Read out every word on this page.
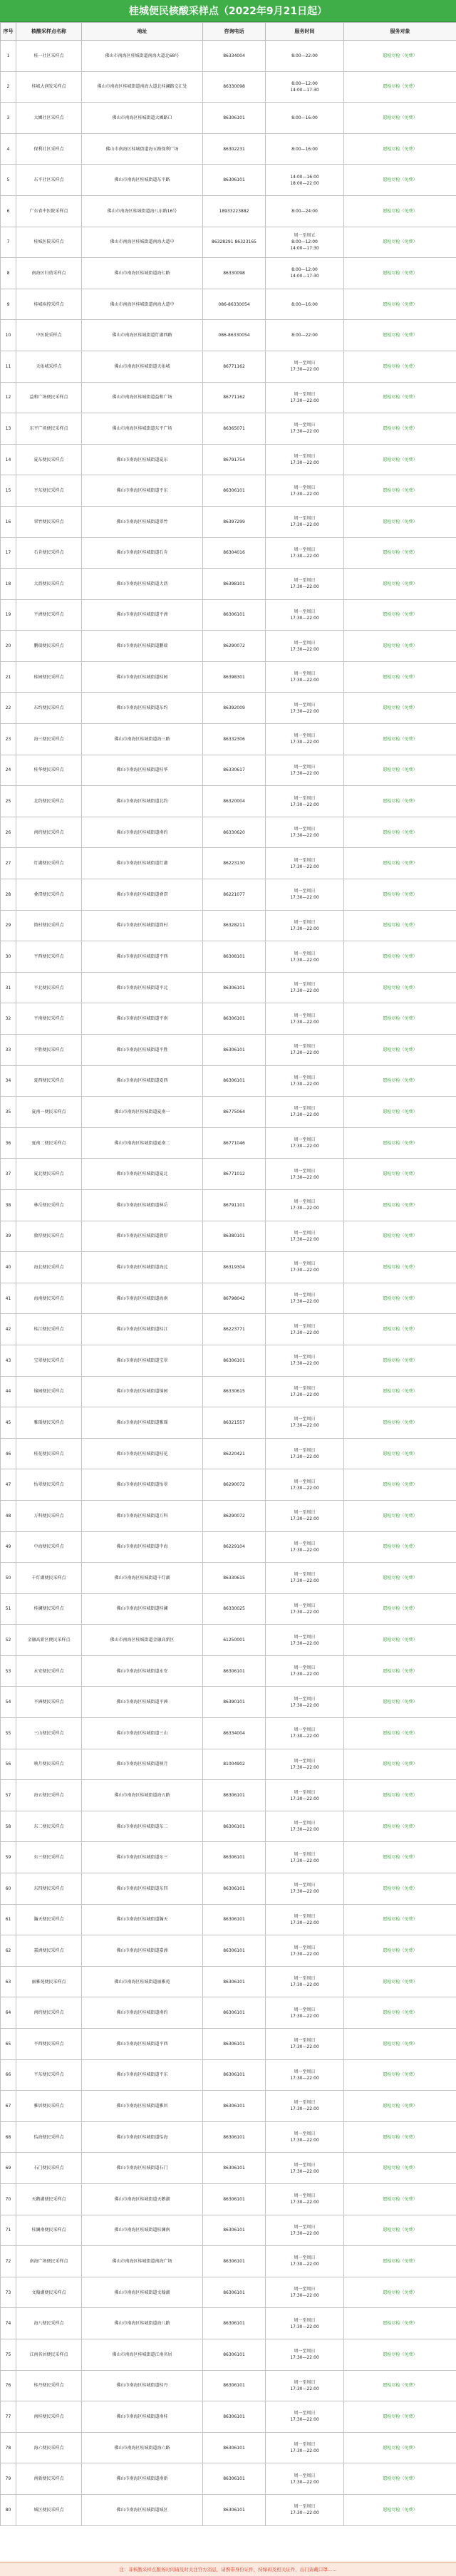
桂城便民核酸采样点（2022年9月21日起）
序号	核酸采样点名称	地址	咨询电话	服务时间	服务对象
1	桂一社区采样点	佛山市南海区桂城街道南海大道北68号	86334004	8:00—22:00	愿检尽检（免费）
2	桂城大润发采样点	佛山市南海区桂城街道南海大道北桂澜路交汇处	86330098	8:00—12:00
14:00—17:30	愿检尽检（免费）
3	大圃社区采样点	佛山市南海区桂城街道大圃路口	86306101	8:00—16:00	愿检尽检（免费）
4	保利社区采样点	佛山市南海区桂城街道海五路保利广场	86302231	8:00—16:00	愿检尽检（免费）
5	东平社区采样点	佛山市南海区桂城街道东平路	86306101	14:00—16:00
18:00—22:00	愿检尽检（免费）
6	广东省中医院采样点	佛山市南海区桂城街道海八东路16号	18933223882	8:00—24:00	愿检尽检（免费）
7	桂城医院采样点	佛山市南海区桂城街道南海大道中	86328291 86323165	周一至周五
8:00—12:00
14:00—17:30	愿检尽检（免费）
8	南海区妇幼采样点	佛山市南海区桂城街道海七路	86330098	8:00—12:00
14:00—17:30	愿检尽检（免费）
9	桂城疾控采样点	佛山市南海区桂城街道南海大道中	086-86330054	8:00—16:00	愿检尽检（免费）
10	中医院采样点	佛山市南海区桂城街道灯湖西路	086-86330054	8:00—22:00	愿检尽检（免费）
11	天佑城采样点	佛山市南海区桂城街道天佑城	86771162	周一至周日
17:30—22:00	愿检尽检（免费）
12	益和广场便民采样点	佛山市南海区桂城街道益和广场	86771162	周一至周日
17:30—22:00	愿检尽检（免费）
13	东平广场便民采样点	佛山市南海区桂城街道东平广场	86365071	周一至周日
17:30—22:00	愿检尽检（免费）
14	夏东便民采样点	佛山市南海区桂城街道夏东	86791754	周一至周日
17:30—22:00	愿检尽检（免费）
15	平东便民采样点	佛山市南海区桂城街道平东	86306101	周一至周日
17:30—22:00	愿检尽检（免费）
16	翠竹便民采样点	佛山市南海区桂城街道翠竹	86397299	周一至周日
17:30—22:00	愿检尽检（免费）
17	石肯便民采样点	佛山市南海区桂城街道石肯	86304016	周一至周日
17:30—22:00	愿检尽检（免费）
18	大沥便民采样点	佛山市南海区桂城街道大沥	86398101	周一至周日
17:30—22:00	愿检尽检（免费）
19	平洲便民采样点	佛山市南海区桂城街道平洲	86306101	周一至周日
17:30—22:00	愿检尽检（免费）
20	鹏瑞便民采样点	佛山市南海区桂城街道鹏瑞	86290072	周一至周日
17:30—22:00	愿检尽检（免费）
21	桂园便民采样点	佛山市南海区桂城街道桂园	86398301	周一至周日
17:30—22:00	愿检尽检（免费）
22	东约便民采样点	佛山市南海区桂城街道东约	86392009	周一至周日
17:30—22:00	愿检尽检（免费）
23	海三便民采样点	佛山市南海区桂城街道海三路	86332306	周一至周日
17:30—22:00	愿检尽检（免费）
24	桂华便民采样点	佛山市南海区桂城街道桂华	86330617	周一至周日
17:30—22:00	愿检尽检（免费）
25	北约便民采样点	佛山市南海区桂城街道北约	86320004	周一至周日
17:30—22:00	愿检尽检（免费）
26	南约便民采样点	佛山市南海区桂城街道南约	86330620	周一至周日
17:30—22:00	愿检尽检（免费）
27	灯湖便民采样点	佛山市南海区桂城街道灯湖	86223130	周一至周日
17:30—22:00	愿检尽检（免费）
28	叠滘便民采样点	佛山市南海区桂城街道叠滘	86221077	周一至周日
17:30—22:00	愿检尽检（免费）
29	简村便民采样点	佛山市南海区桂城街道简村	86328211	周一至周日
17:30—22:00	愿检尽检（免费）
30	平西便民采样点	佛山市南海区桂城街道平西	86308101	周一至周日
17:30—22:00	愿检尽检（免费）
31	平北便民采样点	佛山市南海区桂城街道平北	86306101	周一至周日
17:30—22:00	愿检尽检（免费）
32	平南便民采样点	佛山市南海区桂城街道平南	86306101	周一至周日
17:30—22:00	愿检尽检（免费）
33	平胜便民采样点	佛山市南海区桂城街道平胜	86306101	周一至周日
17:30—22:00	愿检尽检（免费）
34	夏西便民采样点	佛山市南海区桂城街道夏西	86306101	周一至周日
17:30—22:00	愿检尽检（免费）
35	夏南一便民采样点	佛山市南海区桂城街道夏南一	86775064	周一至周日
17:30—22:00	愿检尽检（免费）
36	夏南二便民采样点	佛山市南海区桂城街道夏南二	86771046	周一至周日
17:30—22:00	愿检尽检（免费）
37	夏北便民采样点	佛山市南海区桂城街道夏北	86771012	周一至周日
17:30—22:00	愿检尽检（免费）
38	林岳便民采样点	佛山市南海区桂城街道林岳	86791101	周一至周日
17:30—22:00	愿检尽检（免费）
39	敦厚便民采样点	佛山市南海区桂城街道敦厚	86380101	周一至周日
17:30—22:00	愿检尽检（免费）
40	海北便民采样点	佛山市南海区桂城街道海北	86319304	周一至周日
17:30—22:00	愿检尽检（免费）
41	海南便民采样点	佛山市南海区桂城街道海南	86798042	周一至周日
17:30—22:00	愿检尽检（免费）
42	桂江便民采样点	佛山市南海区桂城街道桂江	86223771	周一至周日
17:30—22:00	愿检尽检（免费）
43	宝翠便民采样点	佛山市南海区桂城街道宝翠	86306101	周一至周日
17:30—22:00	愿检尽检（免费）
44	锦园便民采样点	佛山市南海区桂城街道锦园	86330615	周一至周日
17:30—22:00	愿检尽检（免费）
45	雅瑶便民采样点	佛山市南海区桂城街道雅瑶	86321557	周一至周日
17:30—22:00	愿检尽检（免费）
46	桂花便民采样点	佛山市南海区桂城街道桂花	86220421	周一至周日
17:30—22:00	愿检尽检（免费）
47	怡翠便民采样点	佛山市南海区桂城街道怡翠	86290072	周一至周日
17:30—22:00	愿检尽检（免费）
48	万科便民采样点	佛山市南海区桂城街道万科	86290072	周一至周日
17:30—22:00	愿检尽检（免费）
49	中海便民采样点	佛山市南海区桂城街道中海	86229104	周一至周日
17:30—22:00	愿检尽检（免费）
50	千灯湖便民采样点	佛山市南海区桂城街道千灯湖	86330615	周一至周日
17:30—22:00	愿检尽检（免费）
51	桂澜便民采样点	佛山市南海区桂城街道桂澜	86330025	周一至周日
17:30—22:00	愿检尽检（免费）
52	金融高新区便民采样点	佛山市南海区桂城街道金融高新区	61250001	周一至周日
17:30—22:00	愿检尽检（免费）
53	永安便民采样点	佛山市南海区桂城街道永安	86306101	周一至周日
17:30—22:00	愿检尽检（免费）
54	平洲便民采样点	佛山市南海区桂城街道平洲	86390101	周一至周日
17:30—22:00	愿检尽检（免费）
55	三山便民采样点	佛山市南海区桂城街道三山	86334004	周一至周日
17:30—22:00	愿检尽检（免费）
56	映月便民采样点	佛山市南海区桂城街道映月	81004902	周一至周日
17:30—22:00	愿检尽检（免费）
57	海五便民采样点	佛山市南海区桂城街道海五路	86306101	周一至周日
17:30—22:00	愿检尽检（免费）
58	东二便民采样点	佛山市南海区桂城街道东二	86306101	周一至周日
17:30—22:00	愿检尽检（免费）
59	东三便民采样点	佛山市南海区桂城街道东三	86306101	周一至周日
17:30—22:00	愿检尽检（免费）
60	东四便民采样点	佛山市南海区桂城街道东四	86306101	周一至周日
17:30—22:00	愿检尽检（免费）
61	瀚天便民采样点	佛山市南海区桂城街道瀚天	86306101	周一至周日
17:30—22:00	愿检尽检（免费）
62	嘉洲便民采样点	佛山市南海区桂城街道嘉洲	86306101	周一至周日
17:30—22:00	愿检尽检（免费）
63	丽雅苑便民采样点	佛山市南海区桂城街道丽雅苑	86306101	周一至周日
17:30—22:00	愿检尽检（免费）
64	南约便民采样点	佛山市南海区桂城街道南约	86306101	周一至周日
17:30—22:00	愿检尽检（免费）
65	平西便民采样点	佛山市南海区桂城街道平西	86306101	周一至周日
17:30—22:00	愿检尽检（免费）
66	平东便民采样点	佛山市南海区桂城街道平东	86306101	周一至周日
17:30—22:00	愿检尽检（免费）
67	雅居便民采样点	佛山市南海区桂城街道雅居	86306101	周一至周日
17:30—22:00	愿检尽检（免费）
68	怡海便民采样点	佛山市南海区桂城街道怡海	86306101	周一至周日
17:30—22:00	愿检尽检（免费）
69	石门便民采样点	佛山市南海区桂城街道石门	86306101	周一至周日
17:30—22:00	愿检尽检（免费）
70	天鹅湖便民采样点	佛山市南海区桂城街道天鹅湖	86306101	周一至周日
17:30—22:00	愿检尽检（免费）
71	桂澜南便民采样点	佛山市南海区桂城街道桂澜南	86306101	周一至周日
17:30—22:00	愿检尽检（免费）
72	南海广场便民采样点	佛山市南海区桂城街道南海广场	86306101	周一至周日
17:30—22:00	愿检尽检（免费）
73	文翰湖便民采样点	佛山市南海区桂城街道文翰湖	86306101	周一至周日
17:30—22:00	愿检尽检（免费）
74	海八便民采样点	佛山市南海区桂城街道海八路	86306101	周一至周日
17:30—22:00	愿检尽检（免费）
75	江南名居便民采样点	佛山市南海区桂城街道江南名居	86306101	周一至周日
17:30—22:00	愿检尽检（免费）
76	桂丹便民采样点	佛山市南海区桂城街道桂丹	86306101	周一至周日
17:30—22:00	愿检尽检（免费）
77	南桂便民采样点	佛山市南海区桂城街道南桂	86306101	周一至周日
17:30—22:00	愿检尽检（免费）
78	海六便民采样点	佛山市南海区桂城街道海六路	86306101	周一至周日
17:30—22:00	愿检尽检（免费）
79	南新便民采样点	佛山市南海区桂城街道南新	86306101	周一至周日
17:30—22:00	愿检尽检（免费）
80	城区便民采样点	佛山市南海区桂城街道城区	86306101	周一至周日
17:30—22:00	愿检尽检（免费）
注：非核酸采样点服务时间请及时关注官方消息，请携带身份证件，持绿码及相关证件，出门请戴口罩……
